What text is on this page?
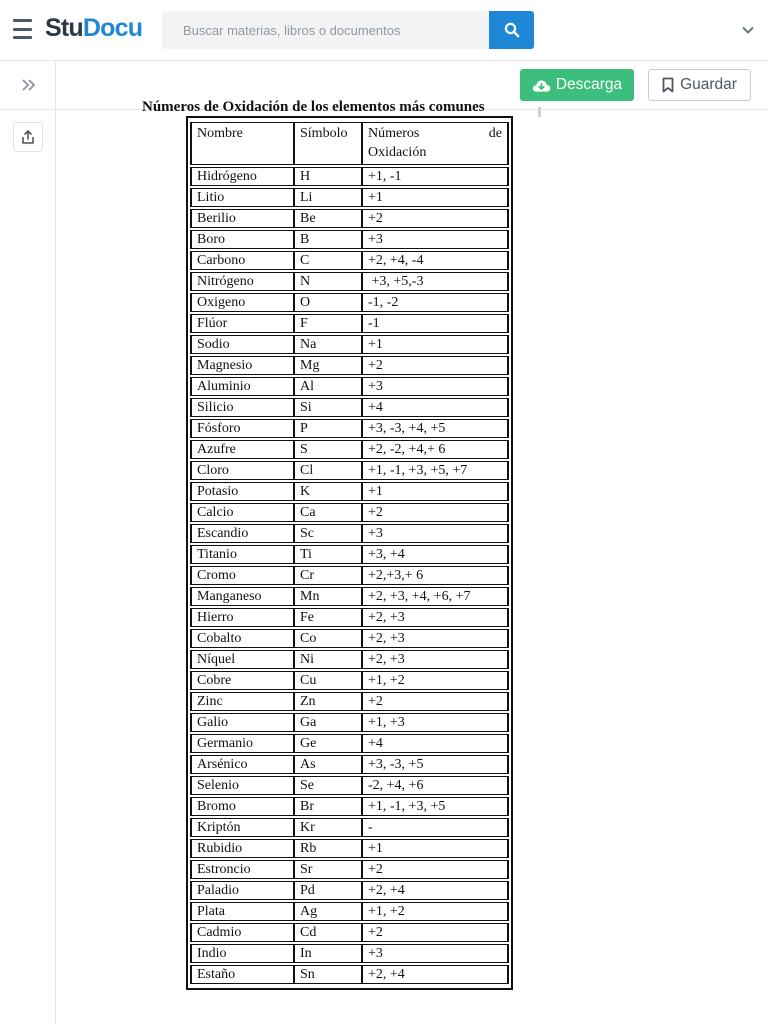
StuDocu
Buscar materias, libros o documentos
Descarga	Guardar
Números de Oxidación de los elementos más comunes
Nombre	Símbolo	Números de
Oxidación

Hidrógeno	H	+1, -1
Litio	Li	+1
Berilio	Be	+2
Boro	B	+3
Carbono	C	+2, +4, -4
Nitrógeno	N	+3, +5,-3
Oxigeno	O	-1, -2
Flúor	F	-1
Sodio	Na	+1
Magnesio	Mg	+2
Aluminio	Al	+3
Silicio	Si	+4
Fósforo	P	+3, -3, +4, +5
Azufre	S	+2, -2, +4,+ 6
Cloro	Cl	+1, -1, +3, +5, +7
Potasio	K	+1
Calcio	Ca	+2
Escandio	Sc	+3
Titanio	Ti	+3, +4
Cromo	Cr	+2,+3,+ 6
Manganeso	Mn	+2, +3, +4, +6, +7
Hierro	Fe	+2, +3
Cobalto	Co	+2, +3
Níquel	Ni	+2, +3
Cobre	Cu	+1, +2
Zinc	Zn	+2
Galio	Ga	+1, +3
Germanio	Ge	+4
Arsénico	As	+3, -3, +5
Selenio	Se	-2, +4, +6
Bromo	Br	+1, -1, +3, +5
Kriptón	Kr	-
Rubidio	Rb	+1
Estroncio	Sr	+2
Paladio	Pd	+2, +4
Plata	Ag	+1, +2
Cadmio	Cd	+2
Indio	In	+3
Estaño	Sn	+2, +4
